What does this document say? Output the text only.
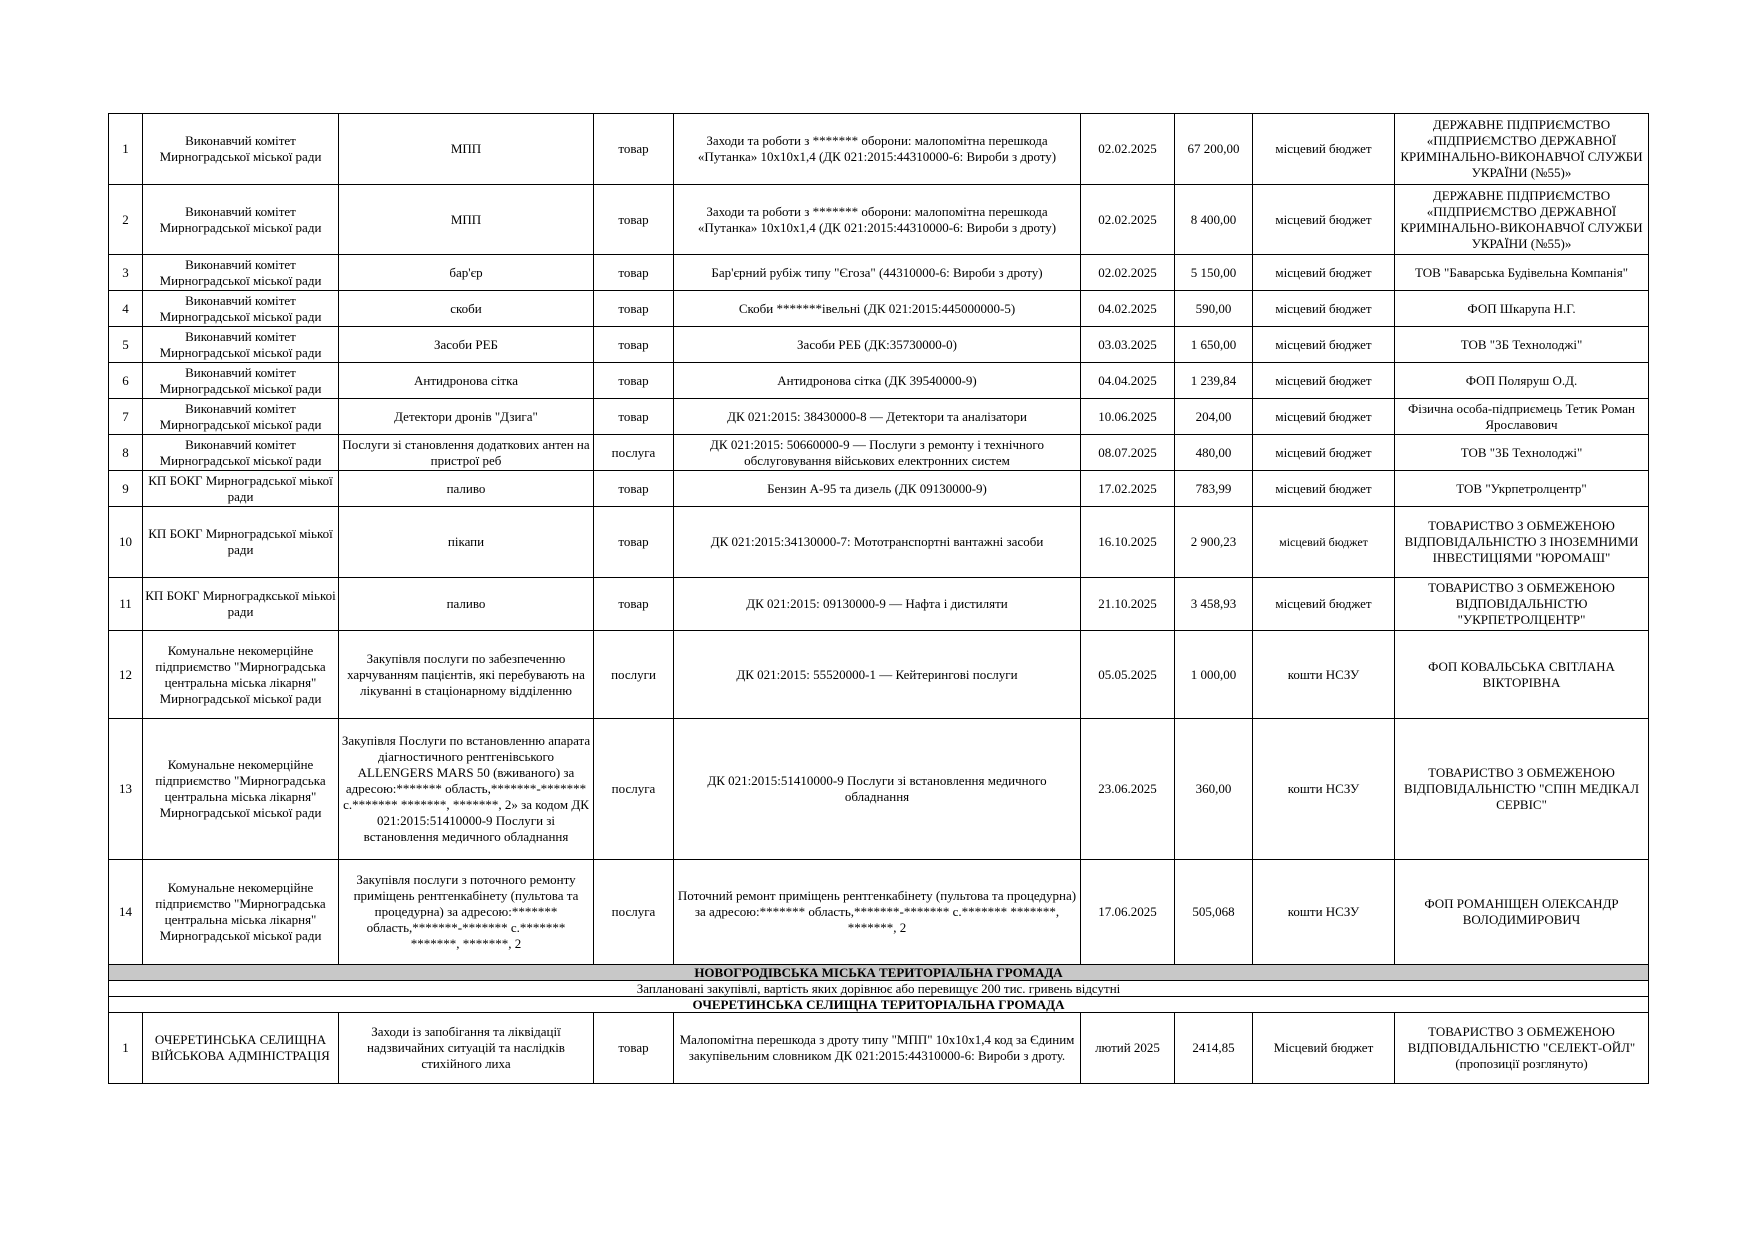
1	Виконавчий комітет Мирноградської міської ради	МПП	товар	Заходи та роботи з ******* оборони: малопомітна перешкода «Путанка» 10х10х1,4 (ДК 021:2015:44310000-6: Вироби з дроту)	02.02.2025	67 200,00	місцевий бюджет	ДЕРЖАВНЕ ПІДПРИЄМСТВО «ПІДПРИЄМСТВО ДЕРЖАВНОЇ КРИМІНАЛЬНО-ВИКОНАВЧОЇ СЛУЖБИ УКРАЇНИ (№55)»
2	Виконавчий комітет Мирноградської міської ради	МПП	товар	Заходи та роботи з ******* оборони: малопомітна перешкода «Путанка» 10х10х1,4 (ДК 021:2015:44310000-6: Вироби з дроту)	02.02.2025	8 400,00	місцевий бюджет	ДЕРЖАВНЕ ПІДПРИЄМСТВО «ПІДПРИЄМСТВО ДЕРЖАВНОЇ КРИМІНАЛЬНО-ВИКОНАВЧОЇ СЛУЖБИ УКРАЇНИ (№55)»
3	Виконавчий комітет Мирноградської міської ради	бар'єр	товар	Бар'єрний рубіж типу "Єгоза" (44310000-6: Вироби з дроту)	02.02.2025	5 150,00	місцевий бюджет	ТОВ "Баварська Будівельна Компанія"
4	Виконавчий комітет Мирноградської міської ради	скоби	товар	Скоби *******івельні (ДК 021:2015:445000000-5)	04.02.2025	590,00	місцевий бюджет	ФОП Шкарупа Н.Г.
5	Виконавчий комітет Мирноградської міської ради	Засоби РЕБ	товар	Засоби РЕБ (ДК:35730000-0)	03.03.2025	1 650,00	місцевий бюджет	ТОВ "3Б Технолоджі"
6	Виконавчий комітет Мирноградської міської ради	Антидронова сітка	товар	Антидронова сітка (ДК 39540000-9)	04.04.2025	1 239,84	місцевий бюджет	ФОП Поляруш О.Д.
7	Виконавчий комітет Мирноградської міської ради	Детектори дронів "Дзига"	товар	ДК 021:2015: 38430000-8 — Детектори та аналізатори	10.06.2025	204,00	місцевий бюджет	Фізична особа-підприємець Тетик Роман Ярославович
8	Виконавчий комітет Мирноградської міської ради	Послуги зі становлення додаткових антен на пристрої реб	послуга	ДК 021:2015: 50660000-9 — Послуги з ремонту і технічного обслуговування військових електронних систем	08.07.2025	480,00	місцевий бюджет	ТОВ "3Б Технолоджі"
9	КП БОКГ Мирноградської міької ради	паливо	товар	Бензин А-95 та дизель (ДК 09130000-9)	17.02.2025	783,99	місцевий бюджет	ТОВ "Укрпетролцентр"
10	КП БОКГ Мирноградської міької ради	пікапи	товар	ДК 021:2015:34130000-7: Мототранспортні вантажні засоби	16.10.2025	2 900,23	місцевий бюджет	ТОВАРИСТВО З ОБМЕЖЕНОЮ ВІДПОВІДАЛЬНІСТЮ З ІНОЗЕМНИМИ ІНВЕСТИЦІЯМИ "ЮРОМАШ"
11	КП БОКГ Мирноградкської міькоі ради	паливо	товар	ДК 021:2015: 09130000-9 — Нафта і дистиляти	21.10.2025	3 458,93	місцевий бюджет	ТОВАРИСТВО З ОБМЕЖЕНОЮ ВІДПОВІДАЛЬНІСТЮ "УКРПЕТРОЛЦЕНТР"
12	Комунальне некомерційне підприємство "Мирноградська центральна міська лікарня" Мирноградської міської ради	Закупівля послуги по забезпеченню харчуванням пацієнтів, які перебувають на лікуванні в стаціонарному відділенню	послуги	ДК 021:2015: 55520000-1 — Кейтерингові послуги	05.05.2025	1 000,00	кошти НСЗУ	ФОП КОВАЛЬСЬКА СВІТЛАНА ВІКТОРІВНА
13	Комунальне некомерційне підприємство "Мирноградська центральна міська лікарня" Мирноградської міської ради	Закупівля Послуги по встановленню апарата діагностичного рентгенівського ALLENGERS MARS 50 (вживаного) за адресою:******* область,*******-******* с.******* *******, *******, 2» за кодом ДК 021:2015:51410000-9 Послуги зі встановлення медичного обладнання	послуга	ДК 021:2015:51410000-9 Послуги зі встановлення медичного обладнання	23.06.2025	360,00	кошти НСЗУ	ТОВАРИСТВО З ОБМЕЖЕНОЮ ВІДПОВІДАЛЬНІСТЮ "СПІН МЕДІКАЛ СЕРВІС"
14	Комунальне некомерційне підприємство "Мирноградська центральна міська лікарня" Мирноградської міської ради	Закупівля послуги з поточного ремонту приміщень рентгенкабінету (пультова та процедурна) за адресою:******* область,*******-******* с.******* *******, *******, 2	послуга	Поточний ремонт приміщень рентгенкабінету (пультова та процедурна) за адресою:******* область,*******-******* с.******* *******, *******, 2	17.06.2025	505,068	кошти НСЗУ	ФОП РОМАНІЩЕН ОЛЕКСАНДР ВОЛОДИМИРОВИЧ
НОВОГРОДІВСЬКА МІСЬКА ТЕРИТОРІАЛЬНА ГРОМАДА								
Заплановані закупівлі, вартість яких дорівнює або перевищує 200 тис. гривень відсутні								
ОЧЕРЕТИНСЬКА СЕЛИЩНА ТЕРИТОРІАЛЬНА ГРОМАДА								
1	ОЧЕРЕТИНСЬКА СЕЛИЩНА ВІЙСЬКОВА АДМІНІСТРАЦІЯ	Заходи із запобігання та ліквідації надзвичайних ситуацій та наслідків стихійного лиха	товар	Малопомітна перешкода з дроту типу "МПП" 10х10х1,4 код за Єдиним закупівельним словником ДК 021:2015:44310000-6: Вироби з дроту.	лютий 2025	2414,85	Місцевий бюджет	ТОВАРИСТВО З ОБМЕЖЕНОЮ ВІДПОВІДАЛЬНІСТЮ "СЕЛЕКТ-ОЙЛ" (пропозиції розглянуто)
